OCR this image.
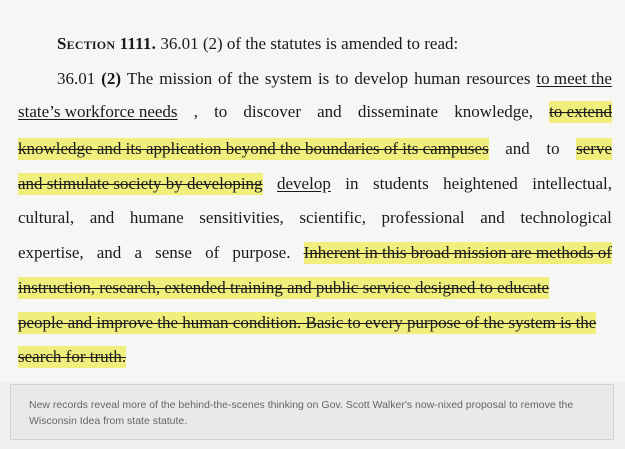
Section 1111. 36.01 (2) of the statutes is amended to read:
36.01 (2) The mission of the system is to develop human resources to meet the
state’s workforce needs , to discover and disseminate knowledge, to extend
knowledge and its application beyond the boundaries of its campuses and to serve
and stimulate society by developing develop in students heightened intellectual,
cultural, and humane sensitivities, scientific, professional and technological
expertise, and a sense of purpose. Inherent in this broad mission are methods of
instruction, research, extended training and public service designed to educate
people and improve the human condition. Basic to every purpose of the system is the
search for truth.
New records reveal more of the behind-the-scenes thinking on Gov. Scott Walker's now-nixed proposal to remove the Wisconsin Idea from state statute.
